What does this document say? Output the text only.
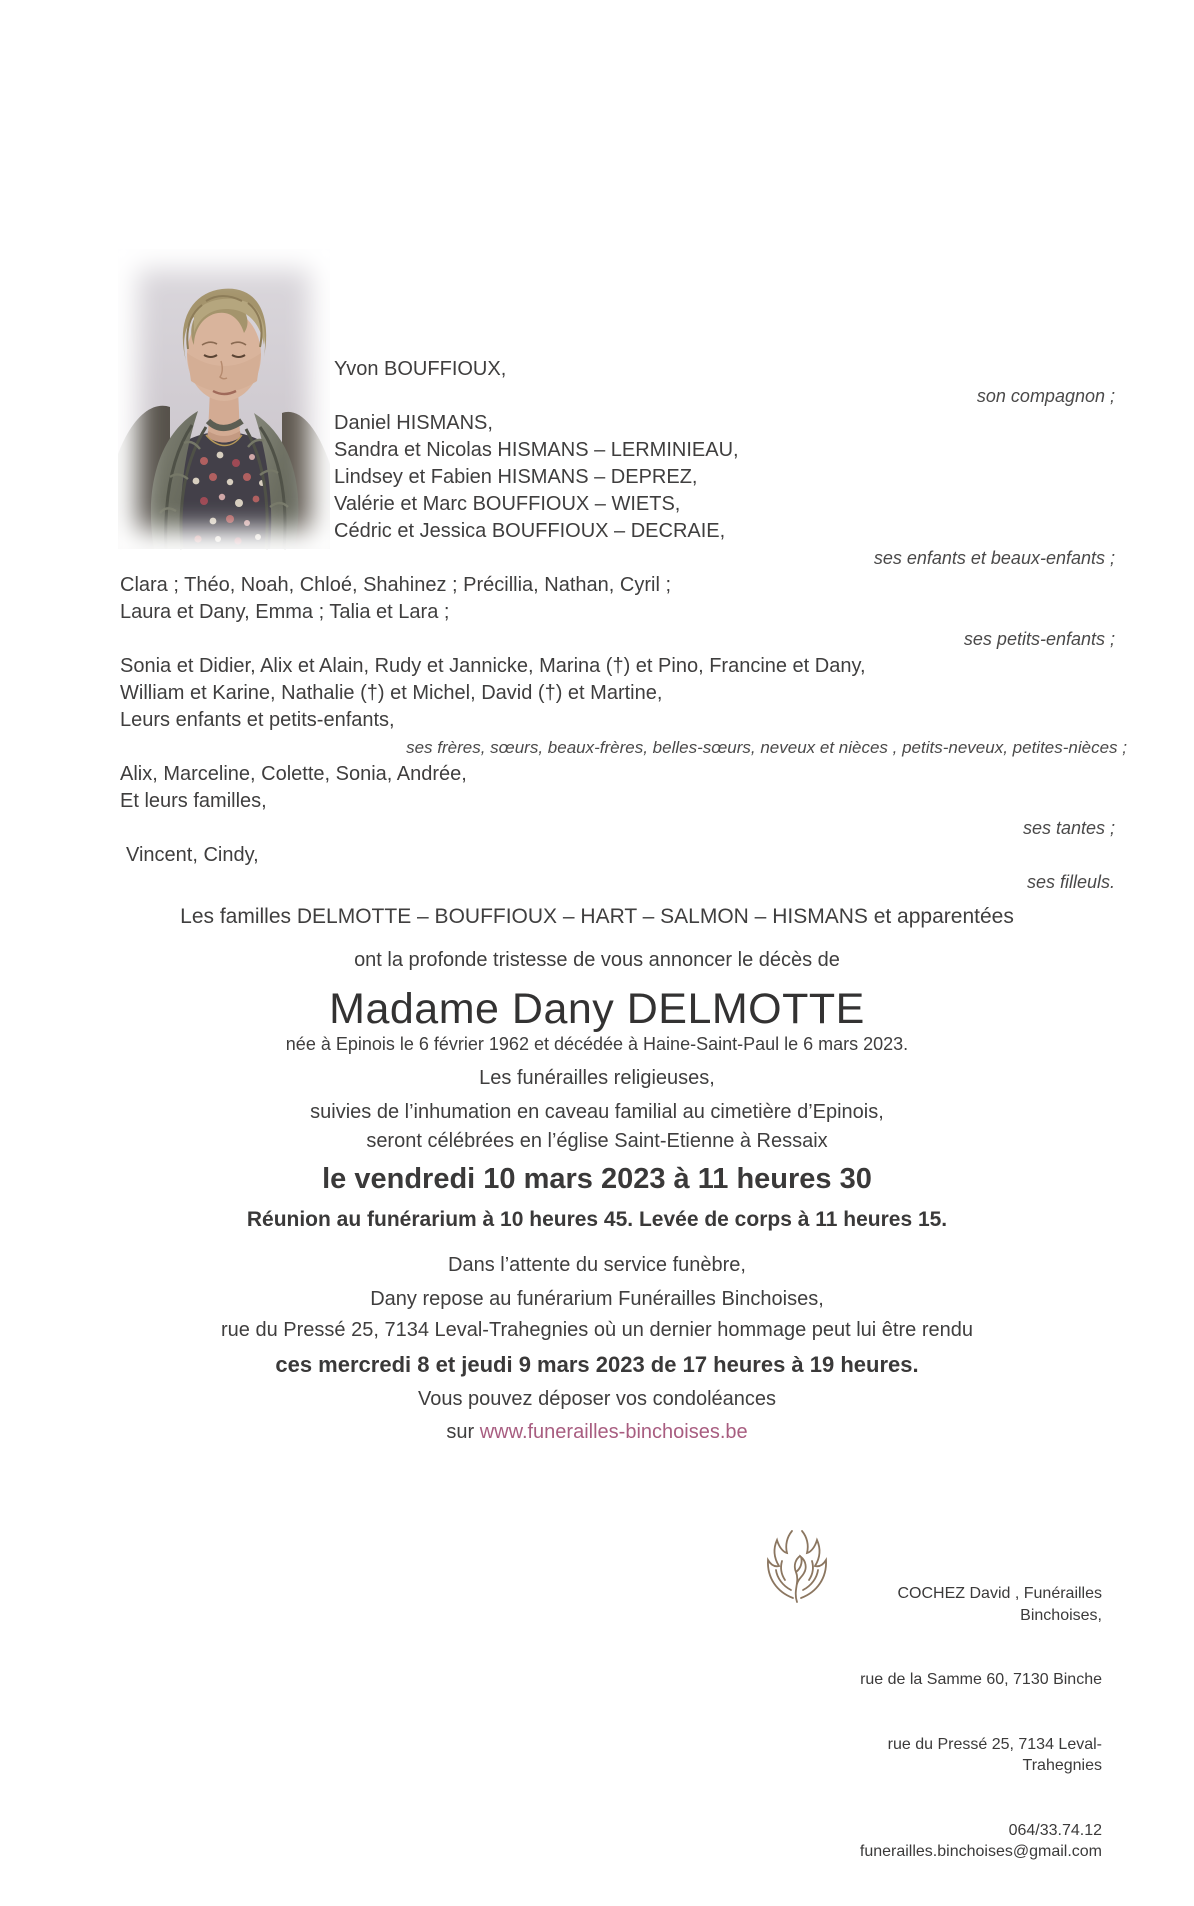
Yvon BOUFFIOUX,

son compagnon ;

Daniel HISMANS,

Sandra et Nicolas HISMANS – LERMINIEAU,

Lindsey et Fabien HISMANS – DEPREZ,

Valérie et Marc BOUFFIOUX – WIETS,

Cédric et Jessica BOUFFIOUX – DECRAIE,

ses enfants et beaux-enfants ;

Clara ; Théo, Noah, Chloé, Shahinez ; Précillia, Nathan, Cyril ;

Laura et Dany, Emma ; Talia et Lara ;

ses petits-enfants ;

Sonia et Didier, Alix et Alain, Rudy et Jannicke, Marina (†) et Pino, Francine et Dany,

William et Karine, Nathalie (†) et Michel, David (†) et Martine,

Leurs enfants et petits-enfants,

ses frères, sœurs, beaux-frères, belles-sœurs, neveux et nièces , petits-neveux, petites-nièces ;

Alix, Marceline, Colette, Sonia, Andrée,

Et leurs familles,

ses tantes ;

Vincent, Cindy,

ses filleuls.

Les familles DELMOTTE – BOUFFIOUX – HART – SALMON – HISMANS et apparentées

ont la profonde tristesse de vous annoncer le décès de

Madame Dany DELMOTTE

née à Epinois le 6 février 1962 et décédée à Haine-Saint-Paul le 6 mars 2023.

Les funérailles religieuses,

suivies de l’inhumation en caveau familial au cimetière d’Epinois,

seront célébrées en l’église Saint-Etienne à Ressaix

le vendredi 10 mars 2023 à 11 heures 30

Réunion au funérarium à 10 heures 45. Levée de corps à 11 heures 15.

Dans l’attente du service funèbre,

Dany repose au funérarium Funérailles Binchoises,

rue du Pressé 25, 7134 Leval-Trahegnies où un dernier hommage peut lui être rendu

ces mercredi 8 et jeudi 9 mars 2023 de 17 heures à 19 heures.

Vous pouvez déposer vos condoléances

sur www.funerailles-binchoises.be

COCHEZ David , Funérailles Binchoises,

rue de la Samme 60, 7130 Binche

rue du Pressé 25, 7134 Leval-Trahegnies

064/33.74.12   funerailles.binchoises@gmail.com
